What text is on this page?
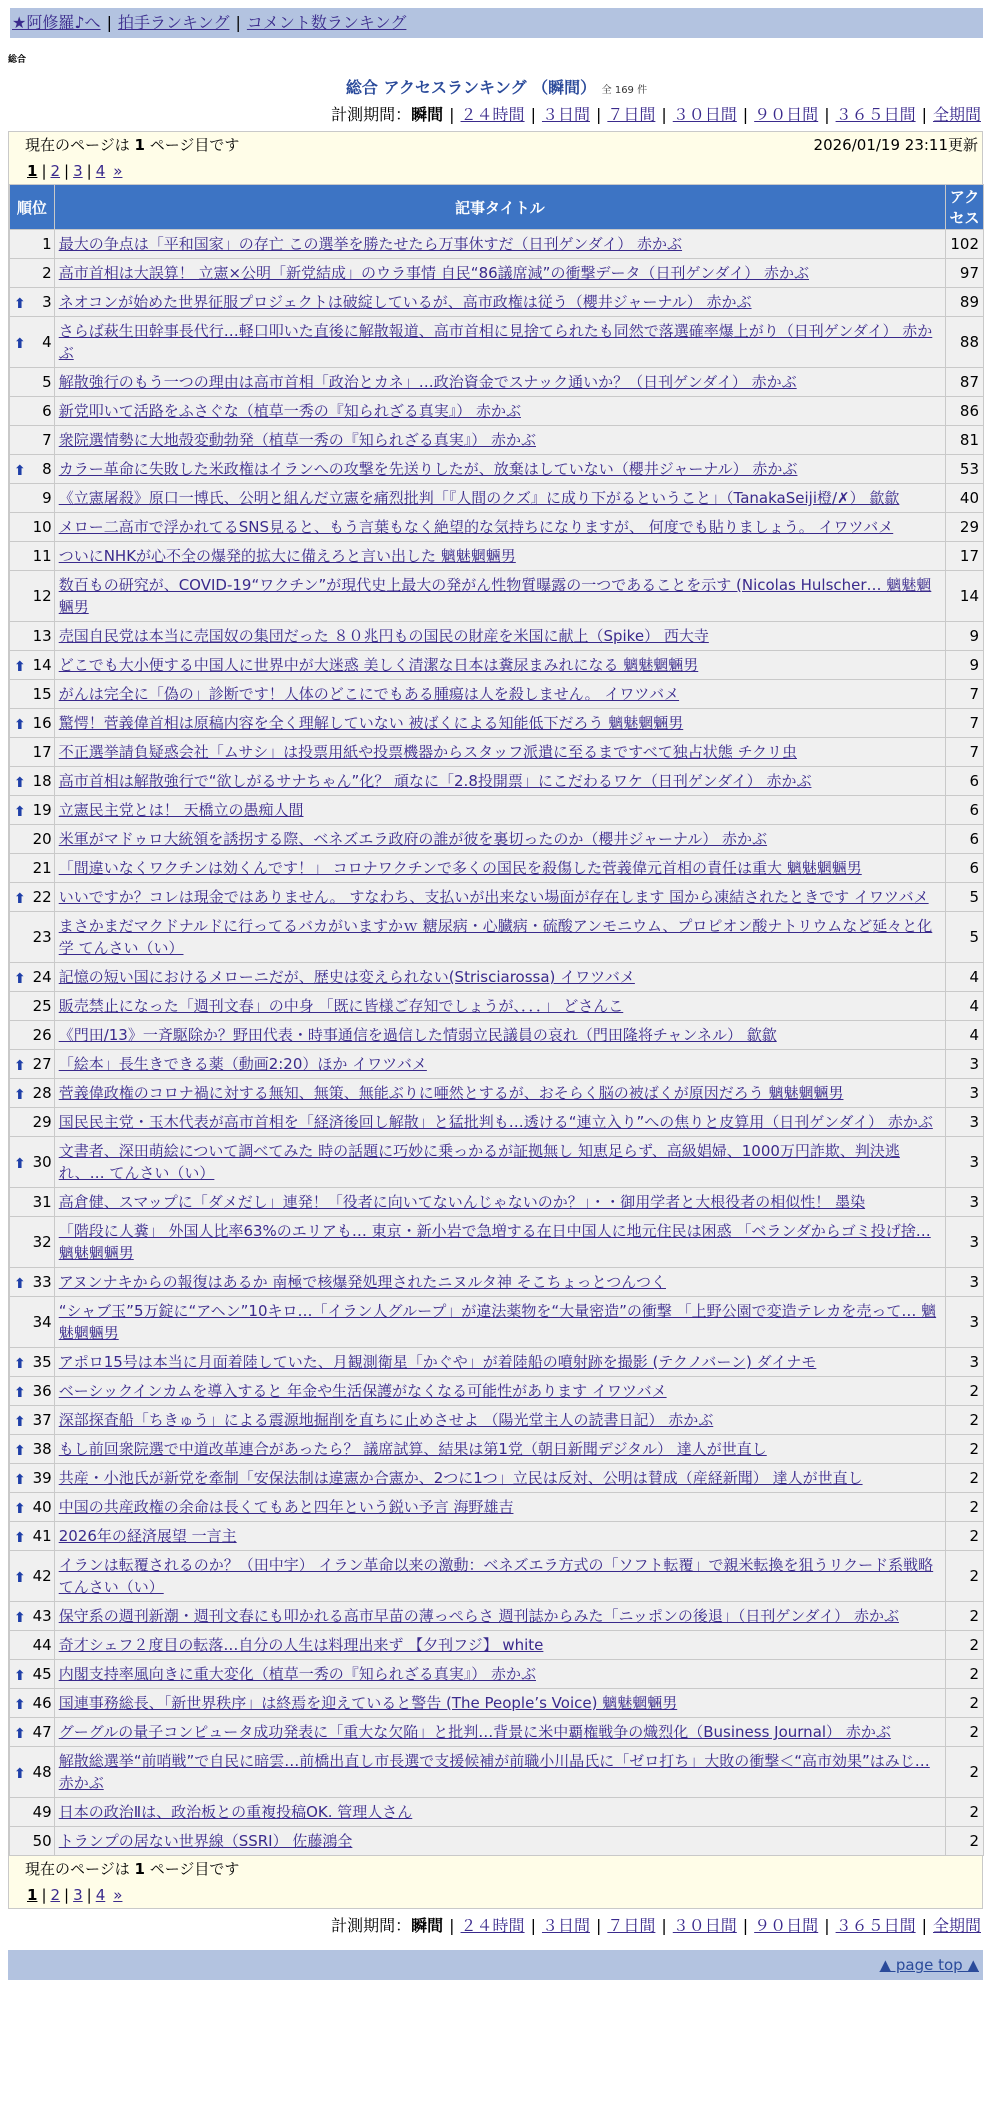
★阿修羅♪へ | 拍手ランキング | コメント数ランキング
総合
総合 アクセスランキング （瞬間） 全 169 件
計測期間：瞬間 | ２４時間 | ３日間 | ７日間 | ３０日間 | ９０日間 | ３６５日間 | 全期間
現在のページは 1 ページ目です	2026/01/19 23:11更新
1 | 2 | 3 | 4 »
順位	記事タイトル	アクセス
1	最大の争点は「平和国家」の存亡 この選挙を勝たせたら万事休すだ（日刊ゲンダイ） 赤かぶ	102
2	高市首相は大誤算！ 立憲×公明「新党結成」のウラ事情 自民“86議席減”の衝撃データ（日刊ゲンダイ） 赤かぶ	97

⬆ 3	ネオコンが始めた世界征服プロジェクトは破綻しているが、高市政権は従う（櫻井ジャーナル） 赤かぶ	89

⬆ 4	さらば萩生田幹事長代行…軽口叩いた直後に解散報道、高市首相に見捨てられたも同然で落選確率爆上がり（日刊ゲンダイ） 赤かぶ	88
5	解散強行のもう一つの理由は高市首相「政治とカネ」…政治資金でスナック通いか？（日刊ゲンダイ） 赤かぶ	87
6	新党叩いて活路をふさぐな（植草一秀の『知られざる真実』） 赤かぶ	86
7	衆院選情勢に大地殻変動勃発（植草一秀の『知られざる真実』） 赤かぶ	81

⬆ 8	カラー革命に失敗した米政権はイランへの攻撃を先送りしたが、放棄はしていない（櫻井ジャーナル） 赤かぶ	53
9	《立憲屠殺》原口一博氏、公明と組んだ立憲を痛烈批判「『人間のクズ』に成り下がるということ」（TanakaSeiji橙/✗） 歙歙	40
10	メロー二高市で浮かれてるSNS見ると、もう言葉もなく絶望的な気持ちになりますが、 何度でも貼りましょう。 イワツバメ	29
11	ついにNHKが心不全の爆発的拡大に備えろと言い出した 魑魅魍魎男	17
12	数百もの研究が、COVID-19“ワクチン”が現代史上最大の発がん性物質曝露の一つであることを示す (Nicolas Hulscher… 魑魅魍魎男	14
13	売国自民党は本当に売国奴の集団だった ８０兆円もの国民の財産を米国に献上（Spike） 西大寺	9

⬆ 14	どこでも大小便する中国人に世界中が大迷惑 美しく清潔な日本は糞尿まみれになる 魑魅魍魎男	9
15	がんは完全に「偽の」診断です！人体のどこにでもある腫瘍は人を殺しません。 イワツバメ	7

⬆ 16	驚愕！菅義偉首相は原稿内容を全く理解していない 被ばくによる知能低下だろう 魑魅魍魎男	7
17	不正選挙請負疑惑会社「ムサシ」は投票用紙や投票機器からスタッフ派遣に至るまですべて独占状態 チクリ虫	7

⬆ 18	高市首相は解散強行で“欲しがるサナちゃん”化？ 頑なに「2.8投開票」にこだわるワケ（日刊ゲンダイ） 赤かぶ	6

⬆ 19	立憲民主党とは！ 天橋立の愚痴人間	6
20	米軍がマドゥロ大統領を誘拐する際、ベネズエラ政府の誰が彼を裏切ったのか（櫻井ジャーナル） 赤かぶ	6
21	「間違いなくワクチンは効くんです！」 コロナワクチンで多くの国民を殺傷した菅義偉元首相の責任は重大 魑魅魍魎男	6

⬆ 22	いいですか？コレは現金ではありません。 すなわち、支払いが出来ない場面が存在します 国から凍結されたときです イワツバメ	5
23	まさかまだマクドナルドに行ってるバカがいますかｗ 糖尿病・心臓病・硫酸アンモニウム、プロピオン酸ナトリウムなど延々と化学 てんさい（い）	5

⬆ 24	記憶の短い国におけるメローニだが、歴史は変えられない(Strisciarossa) イワツバメ	4
25	販売禁止になった「週刊文春」の中身 「既に皆様ご存知でしょうが、．．．」 どさんこ	4
26	《門田/13》一斉駆除か？野田代表・時事通信を過信した情弱立民議員の哀れ（門田隆将チャンネル） 歙歙	4

⬆ 27	「絵本」長生きできる薬（動画2:20）ほか イワツバメ	3

⬆ 28	菅義偉政権のコロナ禍に対する無知、無策、無能ぶりに唖然とするが、おそらく脳の被ばくが原因だろう 魑魅魍魎男	3
29	国民民主党・玉木代表が高市首相を「経済後回し解散」と猛批判も…透ける“連立入り”への焦りと皮算用（日刊ゲンダイ） 赤かぶ	3

⬆ 30	文書者、深田萌絵について調べてみた 時の話題に巧妙に乗っかるが証拠無し 知恵足らず、高級娼婦、1000万円詐欺、判決逃れ、… てんさい（い）	3
31	高倉健、スマップに「ダメだし」連発！「役者に向いてないんじゃないのか？」・・御用学者と大根役者の相似性！ 墨染	3
32	「階段に人糞」 外国人比率63%のエリアも… 東京・新小岩で急増する在日中国人に地元住民は困惑 「ベランダからゴミ投げ捨… 魑魅魍魎男	3

⬆ 33	アヌンナキからの報復はあるか 南極で核爆発処理されたニヌルタ神 そこちょっとつんつく	3
34	“シャブ玉”5万錠に“アヘン”10キロ…「イラン人グループ」が違法薬物を“大量密造”の衝撃 「上野公園で変造テレカを売って… 魑魅魍魎男	3

⬆ 35	アポロ15号は本当に月面着陸していた、月観測衛星「かぐや」が着陸船の噴射跡を撮影 (テクノバーン) ダイナモ	3

⬆ 36	ベーシックインカムを導入すると 年金や生活保護がなくなる可能性があります イワツバメ	2

⬆ 37	深部探査船「ちきゅう」による震源地掘削を直ちに止めさせよ （陽光堂主人の読書日記） 赤かぶ	2

⬆ 38	もし前回衆院選で中道改革連合があったら？ 議席試算、結果は第1党（朝日新聞デジタル） 達人が世直し	2

⬆ 39	共産・小池氏が新党を牽制「安保法制は違憲か合憲か、2つに1つ」立民は反対、公明は賛成（産経新聞） 達人が世直し	2

⬆ 40	中国の共産政権の余命は長くてもあと四年という鋭い予言 海野雄吉	2

⬆ 41	2026年の経済展望 一言主	2

⬆ 42	イランは転覆されるのか？（田中宇） イラン革命以来の激動：ベネズエラ方式の「ソフト転覆」で親米転換を狙うリクード系戦略 てんさい（い）	2

⬆ 43	保守系の週刊新潮・週刊文春にも叩かれる高市早苗の薄っぺらさ 週刊誌からみた「ニッポンの後退」（日刊ゲンダイ） 赤かぶ	2
44	奇才シェフ２度目の転落…自分の人生は料理出来ず 【夕刊フジ】 white	2

⬆ 45	内閣支持率風向きに重大変化（植草一秀の『知られざる真実』） 赤かぶ	2

⬆ 46	国連事務総長、「新世界秩序」は終焉を迎えていると警告 (The People’s Voice) 魑魅魍魎男	2

⬆ 47	グーグルの量子コンピュータ成功発表に「重大な欠陥」と批判…背景に米中覇権戦争の熾烈化（Business Journal） 赤かぶ	2

⬆ 48	解散総選挙“前哨戦”で自民に暗雲…前橋出直し市長選で支援候補が前職小川晶氏に「ゼロ打ち」大敗の衝撃＜“高市効果”はみじ… 赤かぶ	2
49	日本の政治Ⅱは、政治板との重複投稿OK. 管理人さん	2
50	トランプの居ない世界線（SSRI） 佐藤鴻全	2
現在のページは 1 ページ目です
1 | 2 | 3 | 4 »
計測期間：瞬間 | ２４時間 | ３日間 | ７日間 | ３０日間 | ９０日間 | ３６５日間 | 全期間
▲ page top ▲
